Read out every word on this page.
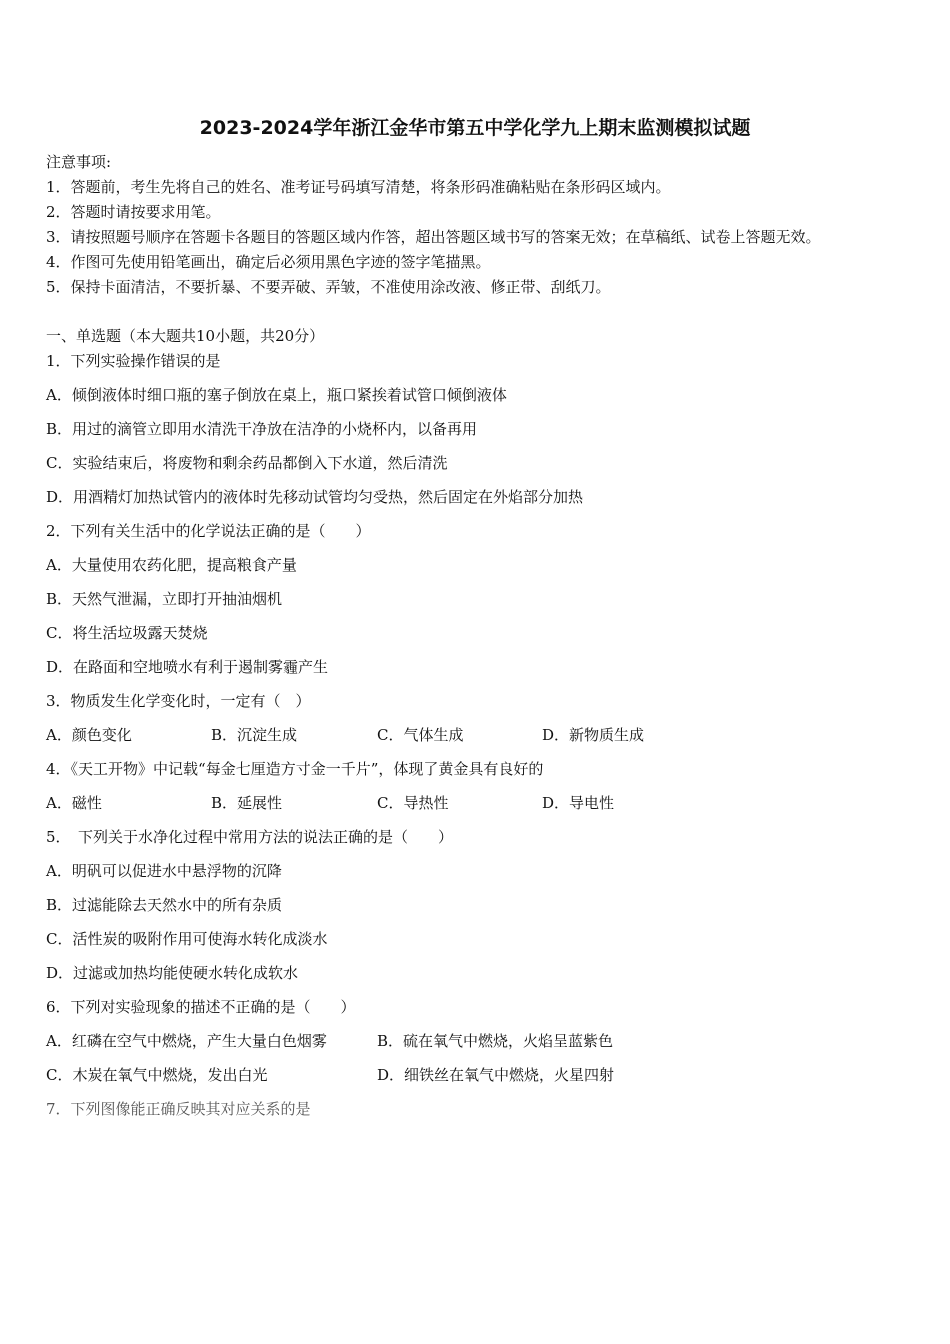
2023-2024学年浙江金华市第五中学化学九上期末监测模拟试题
注意事项:
1．答题前，考生先将自己的姓名、准考证号码填写清楚，将条形码准确粘贴在条形码区域内。
2．答题时请按要求用笔。
3．请按照题号顺序在答题卡各题目的答题区域内作答，超出答题区域书写的答案无效；在草稿纸、试卷上答题无效。
4．作图可先使用铅笔画出，确定后必须用黑色字迹的签字笔描黑。
5．保持卡面清洁，不要折暴、不要弄破、弄皱，不准使用涂改液、修正带、刮纸刀。
一、单选题（本大题共10小题，共20分）
1．下列实验操作错误的是
A．倾倒液体时细口瓶的塞子倒放在桌上，瓶口紧挨着试管口倾倒液体
B．用过的滴管立即用水清洗干净放在洁净的小烧杯内，以备再用
C．实验结束后，将废物和剩余药品都倒入下水道，然后清洗
D．用酒精灯加热试管内的液体时先移动试管均匀受热，然后固定在外焰部分加热
2．下列有关生活中的化学说法正确的是（　　）
A．大量使用农药化肥，提高粮食产量
B．天然气泄漏，立即打开抽油烟机
C．将生活垃圾露天焚烧
D．在路面和空地喷水有利于遏制雾霾产生
3．物质发生化学变化时，一定有（　）
A．颜色变化	B．沉淀生成	C．气体生成	D．新物质生成
4．《天工开物》中记载“每金七厘造方寸金一千片”，体现了黄金具有良好的
A．磁性	B．延展性	C．导热性	D．导电性
5．　下列关于水净化过程中常用方法的说法正确的是（　　）
A．明矾可以促进水中悬浮物的沉降
B．过滤能除去天然水中的所有杂质
C．活性炭的吸附作用可使海水转化成淡水
D．过滤或加热均能使硬水转化成软水
6．下列对实验现象的描述不正确的是（　　）
A．红磷在空气中燃烧，产生大量白色烟雾	B．硫在氧气中燃烧，火焰呈蓝紫色
C．木炭在氧气中燃烧，发出白光	D．细铁丝在氧气中燃烧，火星四射
7．下列图像能正确反映其对应关系的是
